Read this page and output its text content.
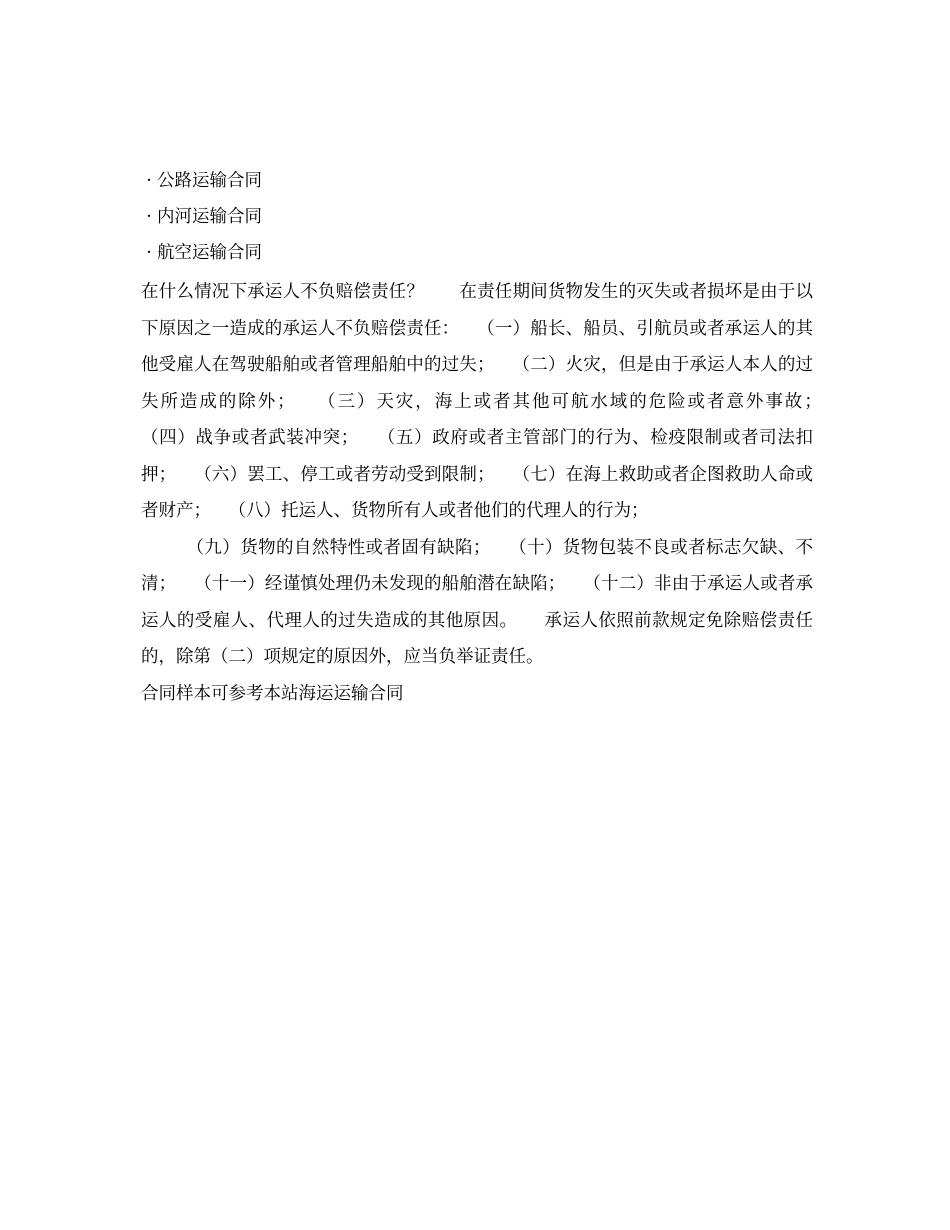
· 公路运输合同
· 内河运输合同
· 航空运输合同

在什么情况下承运人不负赔偿责任？　　在责任期间货物发生的灭失或者损坏是由于以下原因之一造成的承运人不负赔偿责任：　　（一）船长、船员、引航员或者承运人的其他受雇人在驾驶船舶或者管理船舶中的过失；　　（二）火灾，但是由于承运人本人的过失所造成的除外；　　（三）天灾，海上或者其他可航水域的危险或者意外事故；　　（四）战争或者武装冲突；　　（五）政府或者主管部门的行为、检疫限制或者司法扣押；　　（六）罢工、停工或者劳动受到限制；　　（七）在海上救助或者企图救助人命或者财产；　　（八）托运人、货物所有人或者他们的代理人的行为；

（九）货物的自然特性或者固有缺陷；　　（十）货物包装不良或者标志欠缺、不清；　　（十一）经谨慎处理仍未发现的船舶潜在缺陷；　　（十二）非由于承运人或者承运人的受雇人、代理人的过失造成的其他原因。　　承运人依照前款规定免除赔偿责任的，除第（二）项规定的原因外，应当负举证责任。

合同样本可参考本站海运运输合同
